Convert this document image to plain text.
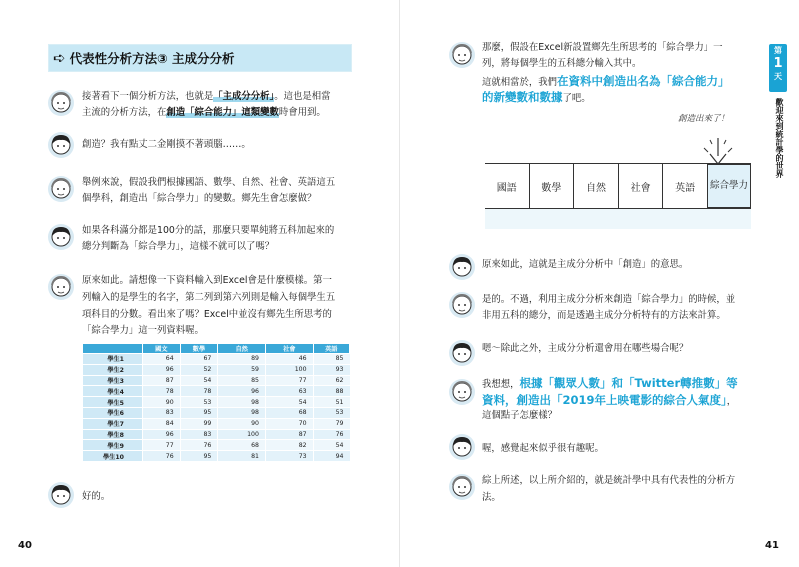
➪ 代表性分析方法③ 主成分分析
接著看下一個分析方法，也就是「主成分分析」。這也是相當
主流的分析方法，在創造「綜合能力」這類變數時會用到。
創造？我有點丈二金剛摸不著頭腦……。
舉例來說，假設我們根據國語、數學、自然、社會、英語這五
個學科，創造出「綜合學力」的變數。鄉先生會怎麼做？
如果各科滿分都是100分的話，那麼只要單純將五科加起來的
總分判斷為「綜合學力」，這樣不就可以了嗎？
原來如此。請想像一下資料輸入到Excel會是什麼模樣。第一
列輸入的是學生的名字，第二列到第六列則是輸入每個學生五
項科目的分數。看出來了嗎？Excel中並沒有鄉先生所思考的
「綜合學力」這一列資料喔。
	國文	數學	自然	社會	英語
學生1	64	67	89	46	85
學生2	96	52	59	100	93
學生3	87	54	85	77	62
學生4	78	78	96	63	88
學生5	90	53	98	54	51
學生6	83	95	98	68	53
學生7	84	99	90	70	79
學生8	96	83	100	87	76
學生9	77	76	68	82	54
學生10	76	95	81	73	94
好的。
40
那麼，假設在Excel新設置鄉先生所思考的「綜合學力」一
列，將每個學生的五科總分輸入其中。
這就相當於，我們在資料中創造出名為「綜合能力」
的新變數和數據了吧。
創造出來了！
國語	數學	自然	社會	英語	綜合學力
原來如此，這就是主成分分析中「創造」的意思。
是的。不過，利用主成分分析來創造「綜合學力」的時候，並
非用五科的總分，而是透過主成分分析特有的方法來計算。
嗯～除此之外，主成分分析還會用在哪些場合呢？
我想想，根據「觀眾人數」和「Twitter轉推數」等
資料，創造出「2019年上映電影的綜合人氣度」，
這個點子怎麼樣？
喔，感覺起來似乎很有趣呢。
綜上所述，以上所介紹的，就是統計學中具有代表性的分析方
法。
41
第
1
天
歡迎來到統計學的世界
